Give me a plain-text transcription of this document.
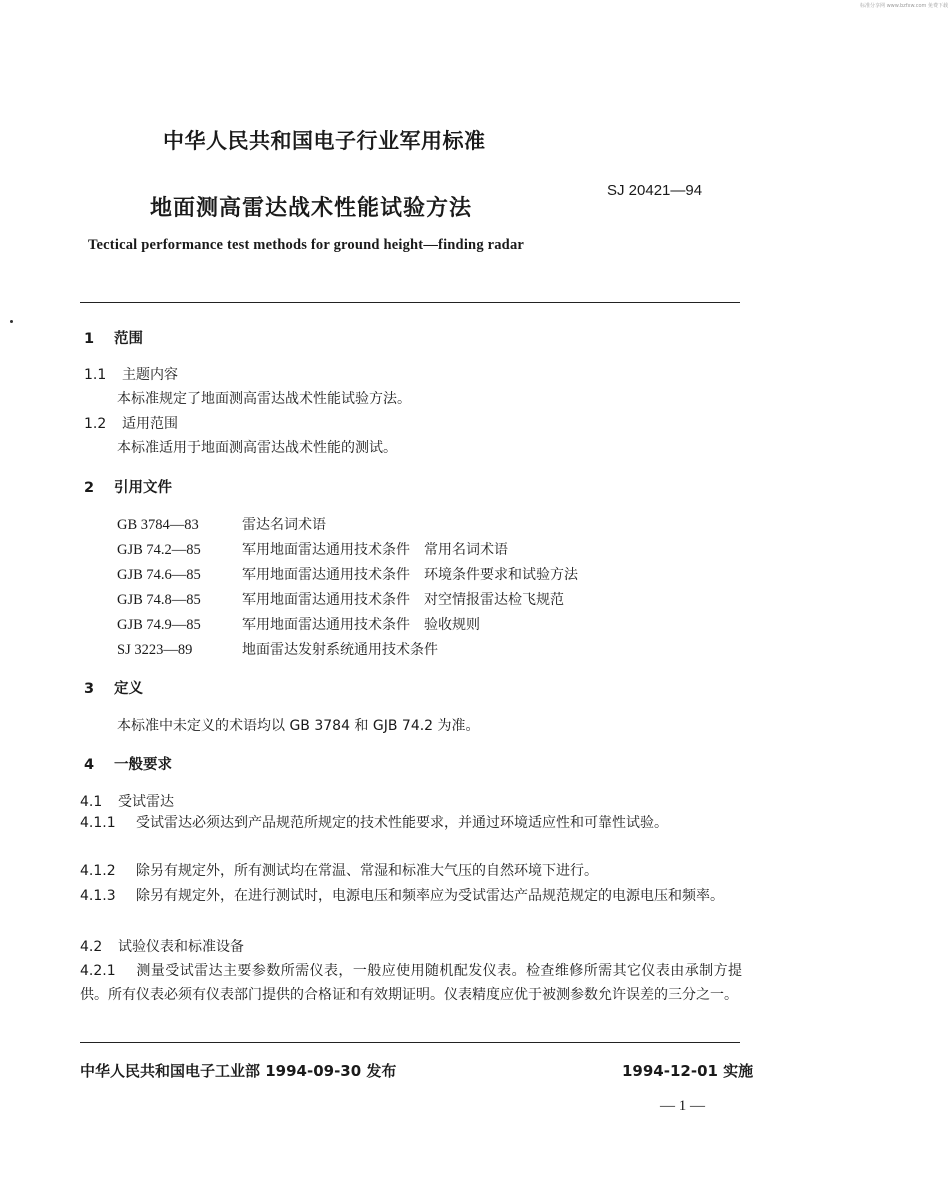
标准分享网 www.bzfxw.com 免费下载
中华人民共和国电子行业军用标准
地面测高雷达战术性能试验方法
SJ 20421—94
Tectical performance test methods for ground height—finding radar
1 范围
1.1 主题内容
本标准规定了地面测高雷达战术性能试验方法。
1.2 适用范围
本标准适用于地面测高雷达战术性能的测试。
2 引用文件
GB 3784—83	雷达名词术语
GJB 74.2—85	军用地面雷达通用技术条件　常用名词术语
GJB 74.6—85	军用地面雷达通用技术条件　环境条件要求和试验方法
GJB 74.8—85	军用地面雷达通用技术条件　对空情报雷达检飞规范
GJB 74.9—85	军用地面雷达通用技术条件　验收规则
SJ 3223—89	地面雷达发射系统通用技术条件
3 定义
本标准中未定义的术语均以 GB 3784 和 GJB 74.2 为准。
4 一般要求
4.1 受试雷达
4.1.1 受试雷达必须达到产品规范所规定的技术性能要求，并通过环境适应性和可靠性试验。
4.1.2 除另有规定外，所有测试均在常温、常湿和标准大气压的自然环境下进行。
4.1.3 除另有规定外，在进行测试时，电源电压和频率应为受试雷达产品规范规定的电源电压和频率。
4.2 试验仪表和标准设备
4.2.1 测量受试雷达主要参数所需仪表，一般应使用随机配发仪表。检查维修所需其它仪表由承制方提供。所有仪表必须有仪表部门提供的合格证和有效期证明。仪表精度应优于被测参数允许误差的三分之一。
中华人民共和国电子工业部 1994-09-30 发布	1994-12-01 实施
— 1 —
